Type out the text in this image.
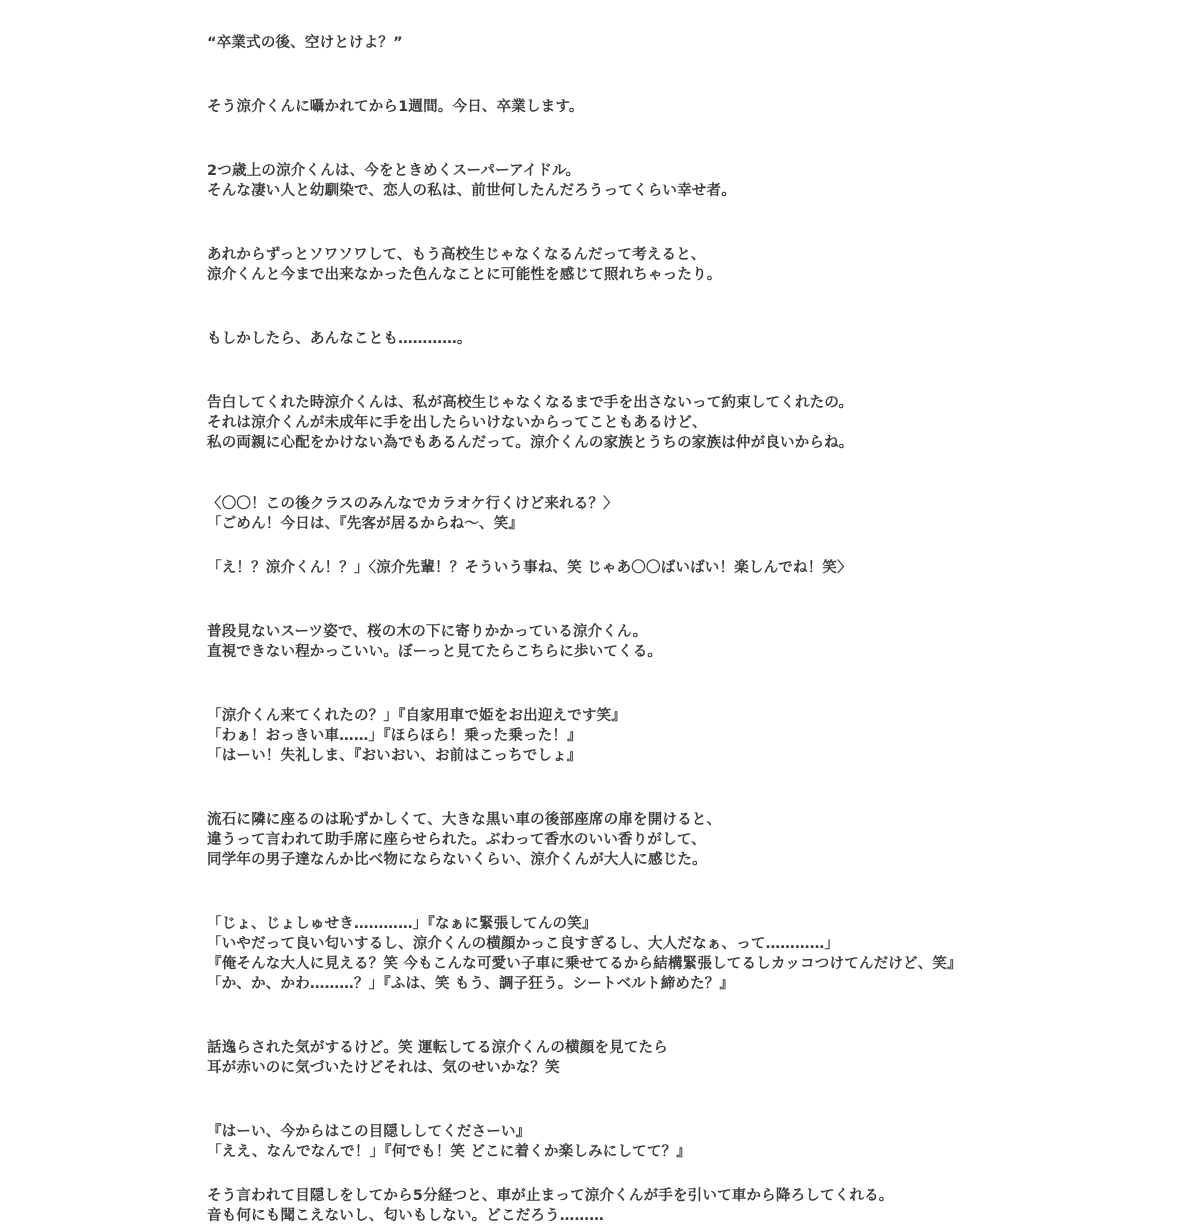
“卒業式の後、空けとけよ？”
そう涼介くんに囁かれてから1週間。今日、卒業します。
2つ歳上の涼介くんは、今をときめくスーパーアイドル。
そんな凄い人と幼馴染で、恋人の私は、前世何したんだろうってくらい幸せ者。
あれからずっとソワソワして、もう高校生じゃなくなるんだって考えると、
涼介くんと今まで出来なかった色んなことに可能性を感じて照れちゃったり。
もしかしたら、あんなことも…………。
告白してくれた時涼介くんは、私が高校生じゃなくなるまで手を出さないって約束してくれたの。
それは涼介くんが未成年に手を出したらいけないからってこともあるけど、
私の両親に心配をかけない為でもあるんだって。涼介くんの家族とうちの家族は仲が良いからね。
〈〇〇！この後クラスのみんなでカラオケ行くけど来れる？〉
「ごめん！今日は、『先客が居るからね〜、笑』
「え！？涼介くん！？」〈涼介先輩！？そういう事ね、笑 じゃあ〇〇ばいばい！楽しんでね！笑〉
普段見ないスーツ姿で、桜の木の下に寄りかかっている涼介くん。
直視できない程かっこいい。ぼーっと見てたらこちらに歩いてくる。
「涼介くん来てくれたの？」『自家用車で姫をお出迎えです笑』
「わぁ！おっきい車……」『ほらほら！乗った乗った！』
「はーい！失礼しま、『おいおい、お前はこっちでしょ』
流石に隣に座るのは恥ずかしくて、大きな黒い車の後部座席の扉を開けると、
違うって言われて助手席に座らせられた。ぶわって香水のいい香りがして、
同学年の男子達なんか比べ物にならないくらい、涼介くんが大人に感じた。
「じょ、じょしゅせき…………」『なぁに緊張してんの笑』
「いやだって良い匂いするし、涼介くんの横顔かっこ良すぎるし、大人だなぁ、って…………」
『俺そんな大人に見える？笑 今もこんな可愛い子車に乗せてるから結構緊張してるしカッコつけてんだけど、笑』
「か、か、かわ………？」『ふは、笑 もう、調子狂う。シートベルト締めた？』
話逸らされた気がするけど。笑 運転してる涼介くんの横顔を見てたら
耳が赤いのに気づいたけどそれは、気のせいかな？笑
『はーい、今からはこの目隠ししてくださーい』
「ええ、なんでなんで！」『何でも！笑 どこに着くか楽しみにしてて？』
そう言われて目隠しをしてから5分経つと、車が止まって涼介くんが手を引いて車から降ろしてくれる。
音も何にも聞こえないし、匂いもしない。どこだろう………
